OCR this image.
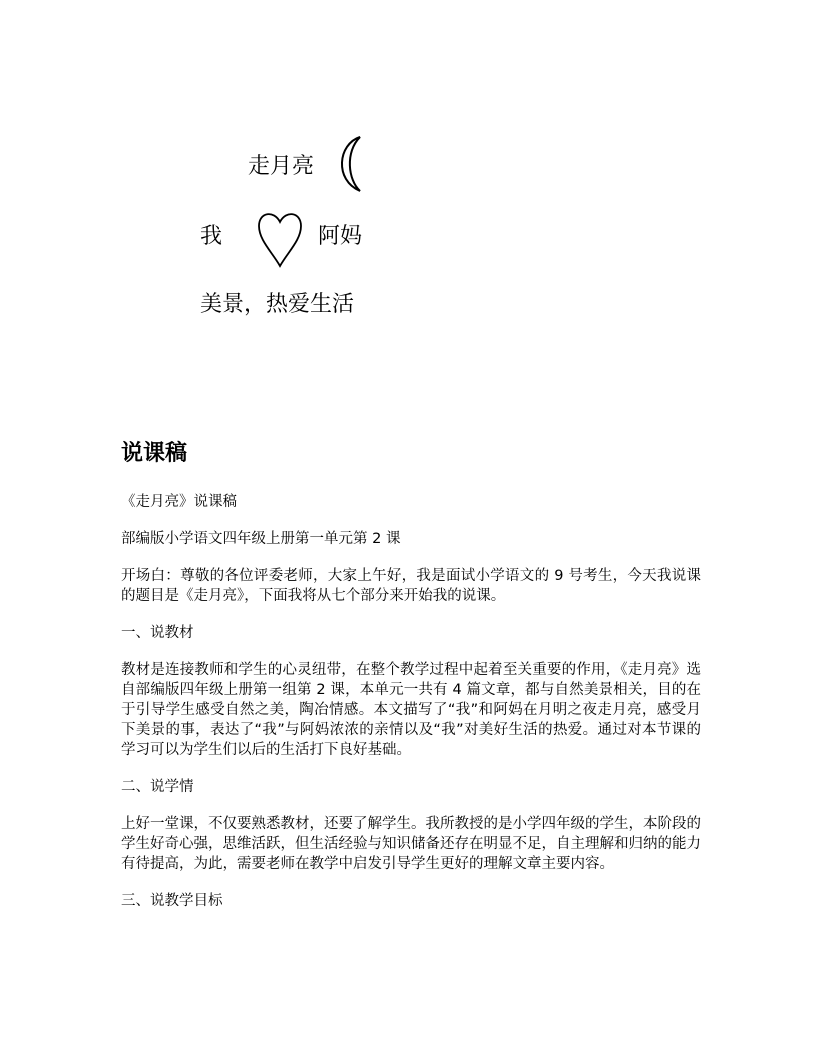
走月亮
我	阿妈
美景，热爱生活
说课稿

《走月亮》说课稿

部编版小学语文四年级上册第一单元第 2 课

开场白：尊敬的各位评委老师，大家上午好，我是面试小学语文的 9 号考生，今天我说课的题目是《走月亮》，下面我将从七个部分来开始我的说课。

一、说教材

教材是连接教师和学生的心灵纽带，在整个教学过程中起着至关重要的作用，《走月亮》选自部编版四年级上册第一组第 2 课，本单元一共有 4 篇文章，都与自然美景相关，目的在于引导学生感受自然之美，陶冶情感。本文描写了“我”和阿妈在月明之夜走月亮，感受月下美景的事，表达了“我”与阿妈浓浓的亲情以及“我”对美好生活的热爱。通过对本节课的学习可以为学生们以后的生活打下良好基础。

二、说学情

上好一堂课，不仅要熟悉教材，还要了解学生。我所教授的是小学四年级的学生，本阶段的学生好奇心强，思维活跃，但生活经验与知识储备还存在明显不足，自主理解和归纳的能力有待提高，为此，需要老师在教学中启发引导学生更好的理解文章主要内容。

三、说教学目标
